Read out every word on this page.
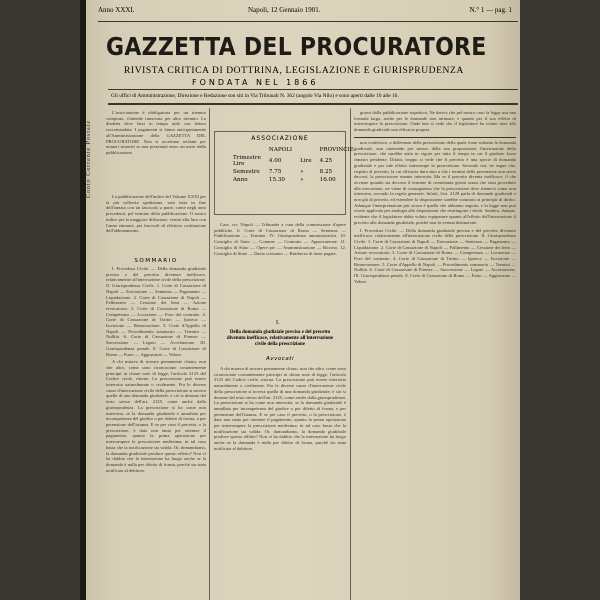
Conto Corrente Postale
Anno XXXI.	Napoli, 12 Gennaio 1901.	N.° 1 — pag. 1
GAZZETTA DEL PROCURATORE
RIVISTA CRITICA DI DOTTRINA, LEGISLAZIONE E GIURISPRUDENZA
FONDATA NEL 1866
Gli uffici di Amministrazione, Direzione e Redazione son siti in Via Tribunali N. 362 (angolo Via Nilo) e sono aperti dalle 10 alle 16.

L'associazione è obbligatoria per un triennio compiuto, s'intende rinnovata per altro triennio. La disdetta deve farsi in tempo utile con lettera raccomandata. I pagamenti si fanno anticipatamente all'Amministrazione della GAZZETTA DEL PROCURATORE. Non si accettano reclami per numeri smarriti se non presentati entro un mese dalla pubblicazione.

La pubblicazione dell'indice del Volume XXXI per la più sollecita spedizione, sarà fatta in fine dell'annata con un fascicolo a parte, come negli anni precedenti, pel termine della pubblicazione. Il nostro indice per la maggiore diffusione, venire alla luce con l'anno entrante, pei fascicoli di effettiva costituzione dell'abbonamento.

SOMMARIO

I. Procedura Civile. — Della domanda giudiziale precisa e del precetto divenuto inefficace, relativamente all'interruzione civile della prescrizione. II. Giurisprudenza Civile. 1. Corte di Cassazione di Napoli — Esecuzione — Sentenza — Pagamento — Liquidazione. 2. Corte di Cassazione di Napoli — Fallimento — Cessione dei beni — Azione revocatoria. 3. Corte di Cassazione di Roma — Competenza — Locazione — Foro del contratto. 4. Corte di Cassazione di Torino — Ipoteca — Iscrizione — Rinnovazione. 5. Corte d'Appello di Napoli — Procedimento sommario — Termini — Nullità. 6. Corte di Cassazione di Firenze — Successione — Legato — Accettazione. III. Giurisprudenza penale. 8. Corte di Cassazione di Roma — Furto — Aggravante — Valore.

A chi mirava di trovare pienamente chiaro, non che altro, come sono riconosciute costantemente principii in chiare note di legge, l'articolo 2125 del Codice civile, ritorna. La prescrizione può essere interrotta naturalmente o civilmente. Fra le diverse cause d'interruzione civile della prescrizione si novera quella di una domanda giudiziale, e ciò si desume dal testo stesso dell'art. 2125, come anche dalla giurisprudenza. La prescrizione si ha come non interrotta, se la domanda giudiziale è annullata per incompetenza del giudice o per difetto di forma, o per perenzione dell'istanza. E se per caso il precetto, o la prescrizione, è dato non tanto per ottenere il pagamento, quanto la prima operazione per interrompere la prescrizione medesima; in tal caso basta che la notificazione sia valida. Or, domandiamo, la domanda giudiziale produce questo effetto? Non vi ha dubbio che la interruzione ha luogo anche se la domanda è nulla per difetto di forma, purché sia stata notificata al debitore.

ASSOCIAZIONE
	NAPOLI		PROVINCIE
Trimestre Lire	4.00	Lire	4.25
Semestre	7.75	»	8.25
Anno	15.30	»	16.00

Cass. civ. Napoli — Tribunale a cura della commissione d'opere pubbliche. 6. Corte di Cassazione di Roma — Sentenza — Pubblicazione — Termine. IV. Giurisprudenza amministrativa. 10. Consiglio di Stato — Comune — Contratto — Approvazione. 11. Consiglio di Stato — Opere pie — Amministrazione — Ricorso. 12. Consiglio di Stato — Dazio consumo — Rimborso di tasse pagate.

I.
Della domanda giudiziale precisa e del precetto divenuto inefficace, relativamente all'interruzione civile della prescrizione
Avvocati

A chi mirava di trovare pienamente chiaro, non che altro, come sono riconosciute costantemente principii in chiare note di legge, l'articolo 2125 del Codice civile, ritorna. La prescrizione può essere interrotta naturalmente o civilmente. Fra le diverse cause d'interruzione civile della prescrizione si novera quella di una domanda giudiziale, e ciò si desume dal testo stesso dell'art. 2125, come anche dalla giurisprudenza. La prescrizione si ha come non interrotta, se la domanda giudiziale è annullata per incompetenza del giudice o per difetto di forma, o per perenzione dell'istanza. E se per caso il precetto, o la prescrizione, è dato non tanto per ottenere il pagamento, quanto la prima operazione per interrompere la prescrizione medesima; in tal caso basta che la notificazione sia valida. Or, domandiamo, la domanda giudiziale produce questo effetto? Non vi ha dubbio che la interruzione ha luogo anche se la domanda è nulla per difetto di forma, purché sia stata notificata al debitore.

giorni dalla pubblicazione rispettiva. Ne deriva che pel nostro caso la legge usa una formula larga, anche per le domande non intimate, e quanto per il suo effetto di interrompere la prescrizione. Onde ben si vede che il legislatore ha voluto dare alla domanda giudiziale una efficacia propria.

non conferisce, a differenza della prescrizione della quale fosse soltanto la domanda giudiziale, non ottenendo per mezzo della sua proposizione l'interruzione della prescrizione, che sarebbe stata in vigore per tutto il tempo in cui il giudizio fosse rimasto pendente. Difatti, troppo si vede che il precetto è una specie di domanda giudiziale e per tale effetto interrompe la prescrizione. Secondo noi, ne segue che, rispetto al precetto, la cui efficacia dura sino a che i termini della perenzione non sieno decorsi, la prescrizione rimane interrotta. Ma se il precetto diventa inefficace, il che avviene quando sia decorso il termine di centottanta giorni senza che siasi proceduto alla esecuzione, ne viene di conseguenza che la prescrizione deve ritenersi come non interrotta, secondo la regola generale. Infatti, l'art. 2128 parla di domande giudiziali e non già di precetti, ed estendere la disposizione sarebbe contrario ai principii di diritto. Adunque l'interpretazione più sicura è quella che abbiamo seguita, e la legge non può essere applicata per analogia alle disposizioni che restringono i diritti. Sembra, dunque, evidente che il legislatore abbia voluto equiparare quanto all'effetto dell'interruzione il precetto alla domanda giudiziale, poichè non fa veruna distinzione.

I. Procedura Civile. — Della domanda giudiziale precisa e del precetto divenuto inefficace, relativamente all'interruzione civile della prescrizione. II. Giurisprudenza Civile. 1. Corte di Cassazione di Napoli — Esecuzione — Sentenza — Pagamento — Liquidazione. 2. Corte di Cassazione di Napoli — Fallimento — Cessione dei beni — Azione revocatoria. 3. Corte di Cassazione di Roma — Competenza — Locazione — Foro del contratto. 4. Corte di Cassazione di Torino — Ipoteca — Iscrizione — Rinnovazione. 5. Corte d'Appello di Napoli — Procedimento sommario — Termini — Nullità. 6. Corte di Cassazione di Firenze — Successione — Legato — Accettazione. III. Giurisprudenza penale. 8. Corte di Cassazione di Roma — Furto — Aggravante — Valore.
